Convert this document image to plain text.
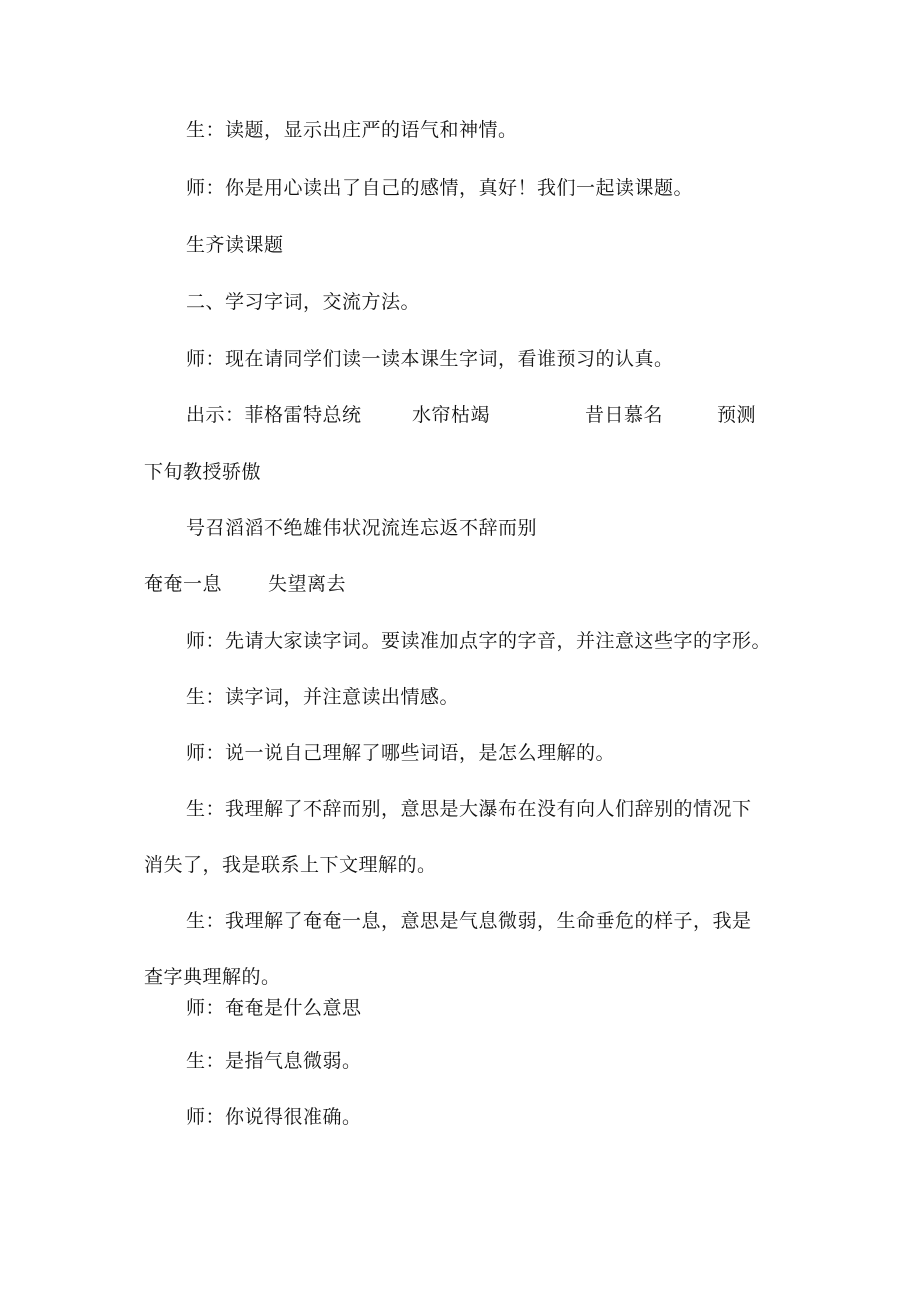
生：读题，显示出庄严的语气和神情。
师：你是用心读出了自己的感情，真好！我们一起读课题。
生齐读课题
二、学习字词，交流方法。
师：现在请同学们读一读本课生字词，看谁预习的认真。
出示：菲格雷特总统	水帘枯竭	昔日慕名	预测
下旬教授骄傲
号召滔滔不绝雄伟状况流连忘返不辞而别
奄奄一息 失望离去
师：先请大家读字词。要读准加点字的字音，并注意这些字的字形。
生：读字词，并注意读出情感。
师：说一说自己理解了哪些词语，是怎么理解的。
生：我理解了不辞而别，意思是大瀑布在没有向人们辞别的情况下
消失了，我是联系上下文理解的。
生：我理解了奄奄一息，意思是气息微弱，生命垂危的样子，我是
查字典理解的。
师：奄奄是什么意思
生：是指气息微弱。
师：你说得很准确。
